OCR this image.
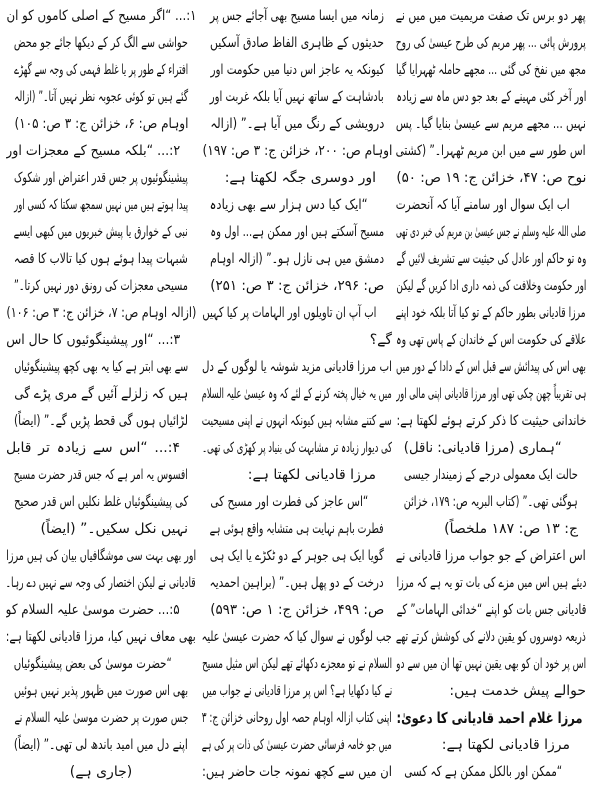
پھر دو برس تک صفت مریمیت میں میں نے
پرورش پائی ... پھر مریم کی طرح عیسیٰ کی روح
مجھ میں نفخ کی گئی ... مجھے حاملہ ٹھہرایا گیا
اور آخر کئی مہینے کے بعد جو دس ماہ سے زیادہ
نہیں ... مجھے مریم سے عیسیٰ بنایا گیا۔ پس
اس طور سے میں ابن مریم ٹھہرا۔” (کشتی
نوح ص: ۴۷، خزائن ج: ۱۹ ص: ۵۰)
اب ایک سوال اور سامنے آیا کہ آنحضرت
صلی اللہ علیہ وسلم نے جس عیسیٰ بن مریم کی خبر دی تھی
وہ تو حاکم اور عادل کی حیثیت سے تشریف لائیں گے
اور حکومت وخلافت کی ذمہ داری ادا کریں گے لیکن
مرزا قادیانی بطور حاکم کے تو کیا آتا بلکہ خود اپنے
علاقے کی حکومت اس کے خاندان کے پاس تھی وہ
بھی اس کی پیدائش سے قبل اس کے دادا کے دور میں
ہی تقریباً چھن چکی تھی اور مرزا قادیانی اپنی مالی اور
خاندانی حیثیت کا ذکر کرتے ہوئے لکھتا ہے:
“ہماری (مرزا قادیانی: ناقل)
حالت ایک معمولی درجے کے زمیندار جیسی
ہوگئی تھی۔” (کتاب البریہ ص: ۱۷۹، خزائن
ج: ۱۳ ص: ۱۸۷ ملخصاً)
اس اعتراض کے جو جواب مرزا قادیانی نے
دیئے ہیں اس میں مزے کی بات تو یہ ہے کہ مرزا
قادیانی جس بات کو اپنے “خدائی الہامات” کے
ذریعہ دوسروں کو یقین دلانے کی کوشش کرتے تھے
اس پر خود ان کو بھی یقین نہیں تھا ان میں سے دو
حوالے پیش خدمت ہیں:
مرزا غلام احمد قادیانی کا دعویٰ:
مرزا قادیانی لکھتا ہے:
“ممکن اور بالکل ممکن ہے کہ کسی
زمانہ میں ایسا مسیح بھی آجائے جس پر
حدیثوں کے ظاہری الفاظ صادق آسکیں
کیونکہ یہ عاجز اس دنیا میں حکومت اور
بادشاہت کے ساتھ نہیں آیا بلکہ غربت اور
درویشی کے رنگ میں آیا ہے۔” (ازالہ
اوہام ص: ۲۰۰، خزائن ج: ۳ ص: ۱۹۷)
اور دوسری جگہ لکھتا ہے:
“ایک کیا دس ہزار سے بھی زیادہ
مسیح آسکتے ہیں اور ممکن ہے... اول وہ
دمشق میں ہی نازل ہو۔” (ازالہ اوہام
ص: ۲۹۶، خزائن ج: ۳ ص: ۲۵۱)
اب آپ ان تاویلوں اور الہامات پر کیا کہیں
گے؟
اب مرزا قادیانی مزید شوشہ یا لوگوں کے دل
میں یہ خیال پختہ کرنے کے لئے کہ وہ عیسیٰ علیہ السلام
سے کتنے مشابہ ہیں کیونکہ انہوں نے اپنی مسیحیت
کی دیوار زیادہ تر مشابہت کی بنیاد پر کھڑی کی تھی۔
مرزا قادیانی لکھتا ہے:
“اس عاجز کی فطرت اور مسیح کی
فطرت باہم نہایت ہی متشابہ واقع ہوئی ہے
گویا ایک ہی جوہر کے دو ٹکڑے یا ایک ہی
درخت کے دو پھل ہیں۔” (براہین احمدیہ
ص: ۴۹۹، خزائن ج: ۱ ص: ۵۹۳)
جب لوگوں نے سوال کیا کہ حضرت عیسیٰ علیہ
السلام نے تو معجزے دکھائے تھے لیکن اس مثیل مسیح
نے کیا دکھایا ہے؟ اس پر مرزا قادیانی نے جواب میں
اپنی کتاب ازالہ اوہام حصہ اول روحانی خزائن ج: ۳
میں جو خامہ فرسائی حضرت عیسیٰ کی ذات پر کی ہے
ان میں سے کچھ نمونہ جات حاضر ہیں:
۱:... “اگر مسیح کے اصلی کاموں کو ان
حواشی سے الگ کر کے دیکھا جائے جو محض
افتراء کے طور پر یا غلط فہمی کی وجہ سے گھڑے
گئے ہیں تو کوئی عجوبہ نظر نہیں آتا۔” (ازالہ
اوہام ص: ۶، خزائن ج: ۳ ص: ۱۰۵)
۲:... “بلکہ مسیح کے معجزات اور
پیشینگوئیوں پر جس قدر اعتراض اور شکوک
پیدا ہوتے ہیں میں نہیں سمجھ سکتا کہ کسی اور
نبی کے خوارق یا پیش خبریوں میں کبھی ایسے
شبہات پیدا ہوئے ہوں کیا تالاب کا قصہ
مسیحی معجزات کی رونق دور نہیں کرتا۔”
(ازالہ اوہام ص: ۷، خزائن ج: ۳ ص: ۱۰۶)
۳:... “اور پیشینگوئیوں کا حال اس
سے بھی ابتر ہے کیا یہ بھی کچھ پیشینگوئیاں
ہیں کہ زلزلے آئیں گے مری پڑے گی
لڑائیاں ہوں گی قحط پڑیں گے۔” (ایضاً)
۴:... “اس سے زیادہ تر قابل
افسوس یہ امر ہے کہ جس قدر حضرت مسیح
کی پیشینگوئیاں غلط نکلیں اس قدر صحیح
نہیں نکل سکیں۔” (ایضاً)
اور بھی بہت سی موشگافیاں بیان کی ہیں مرزا
قادیانی نے لیکن اختصار کی وجہ سے نہیں دے رہا۔
۵:... حضرت موسیٰ علیہ السلام کو
بھی معاف نہیں کیا، مرزا قادیانی لکھتا ہے:
“حضرت موسیٰ کی بعض پیشینگوئیاں
بھی اس صورت میں ظہور پذیر نہیں ہوئیں
جس صورت پر حضرت موسیٰ علیہ السلام نے
اپنے دل میں امید باندھ لی تھی۔” (ایضاً)
(جاری ہے)
